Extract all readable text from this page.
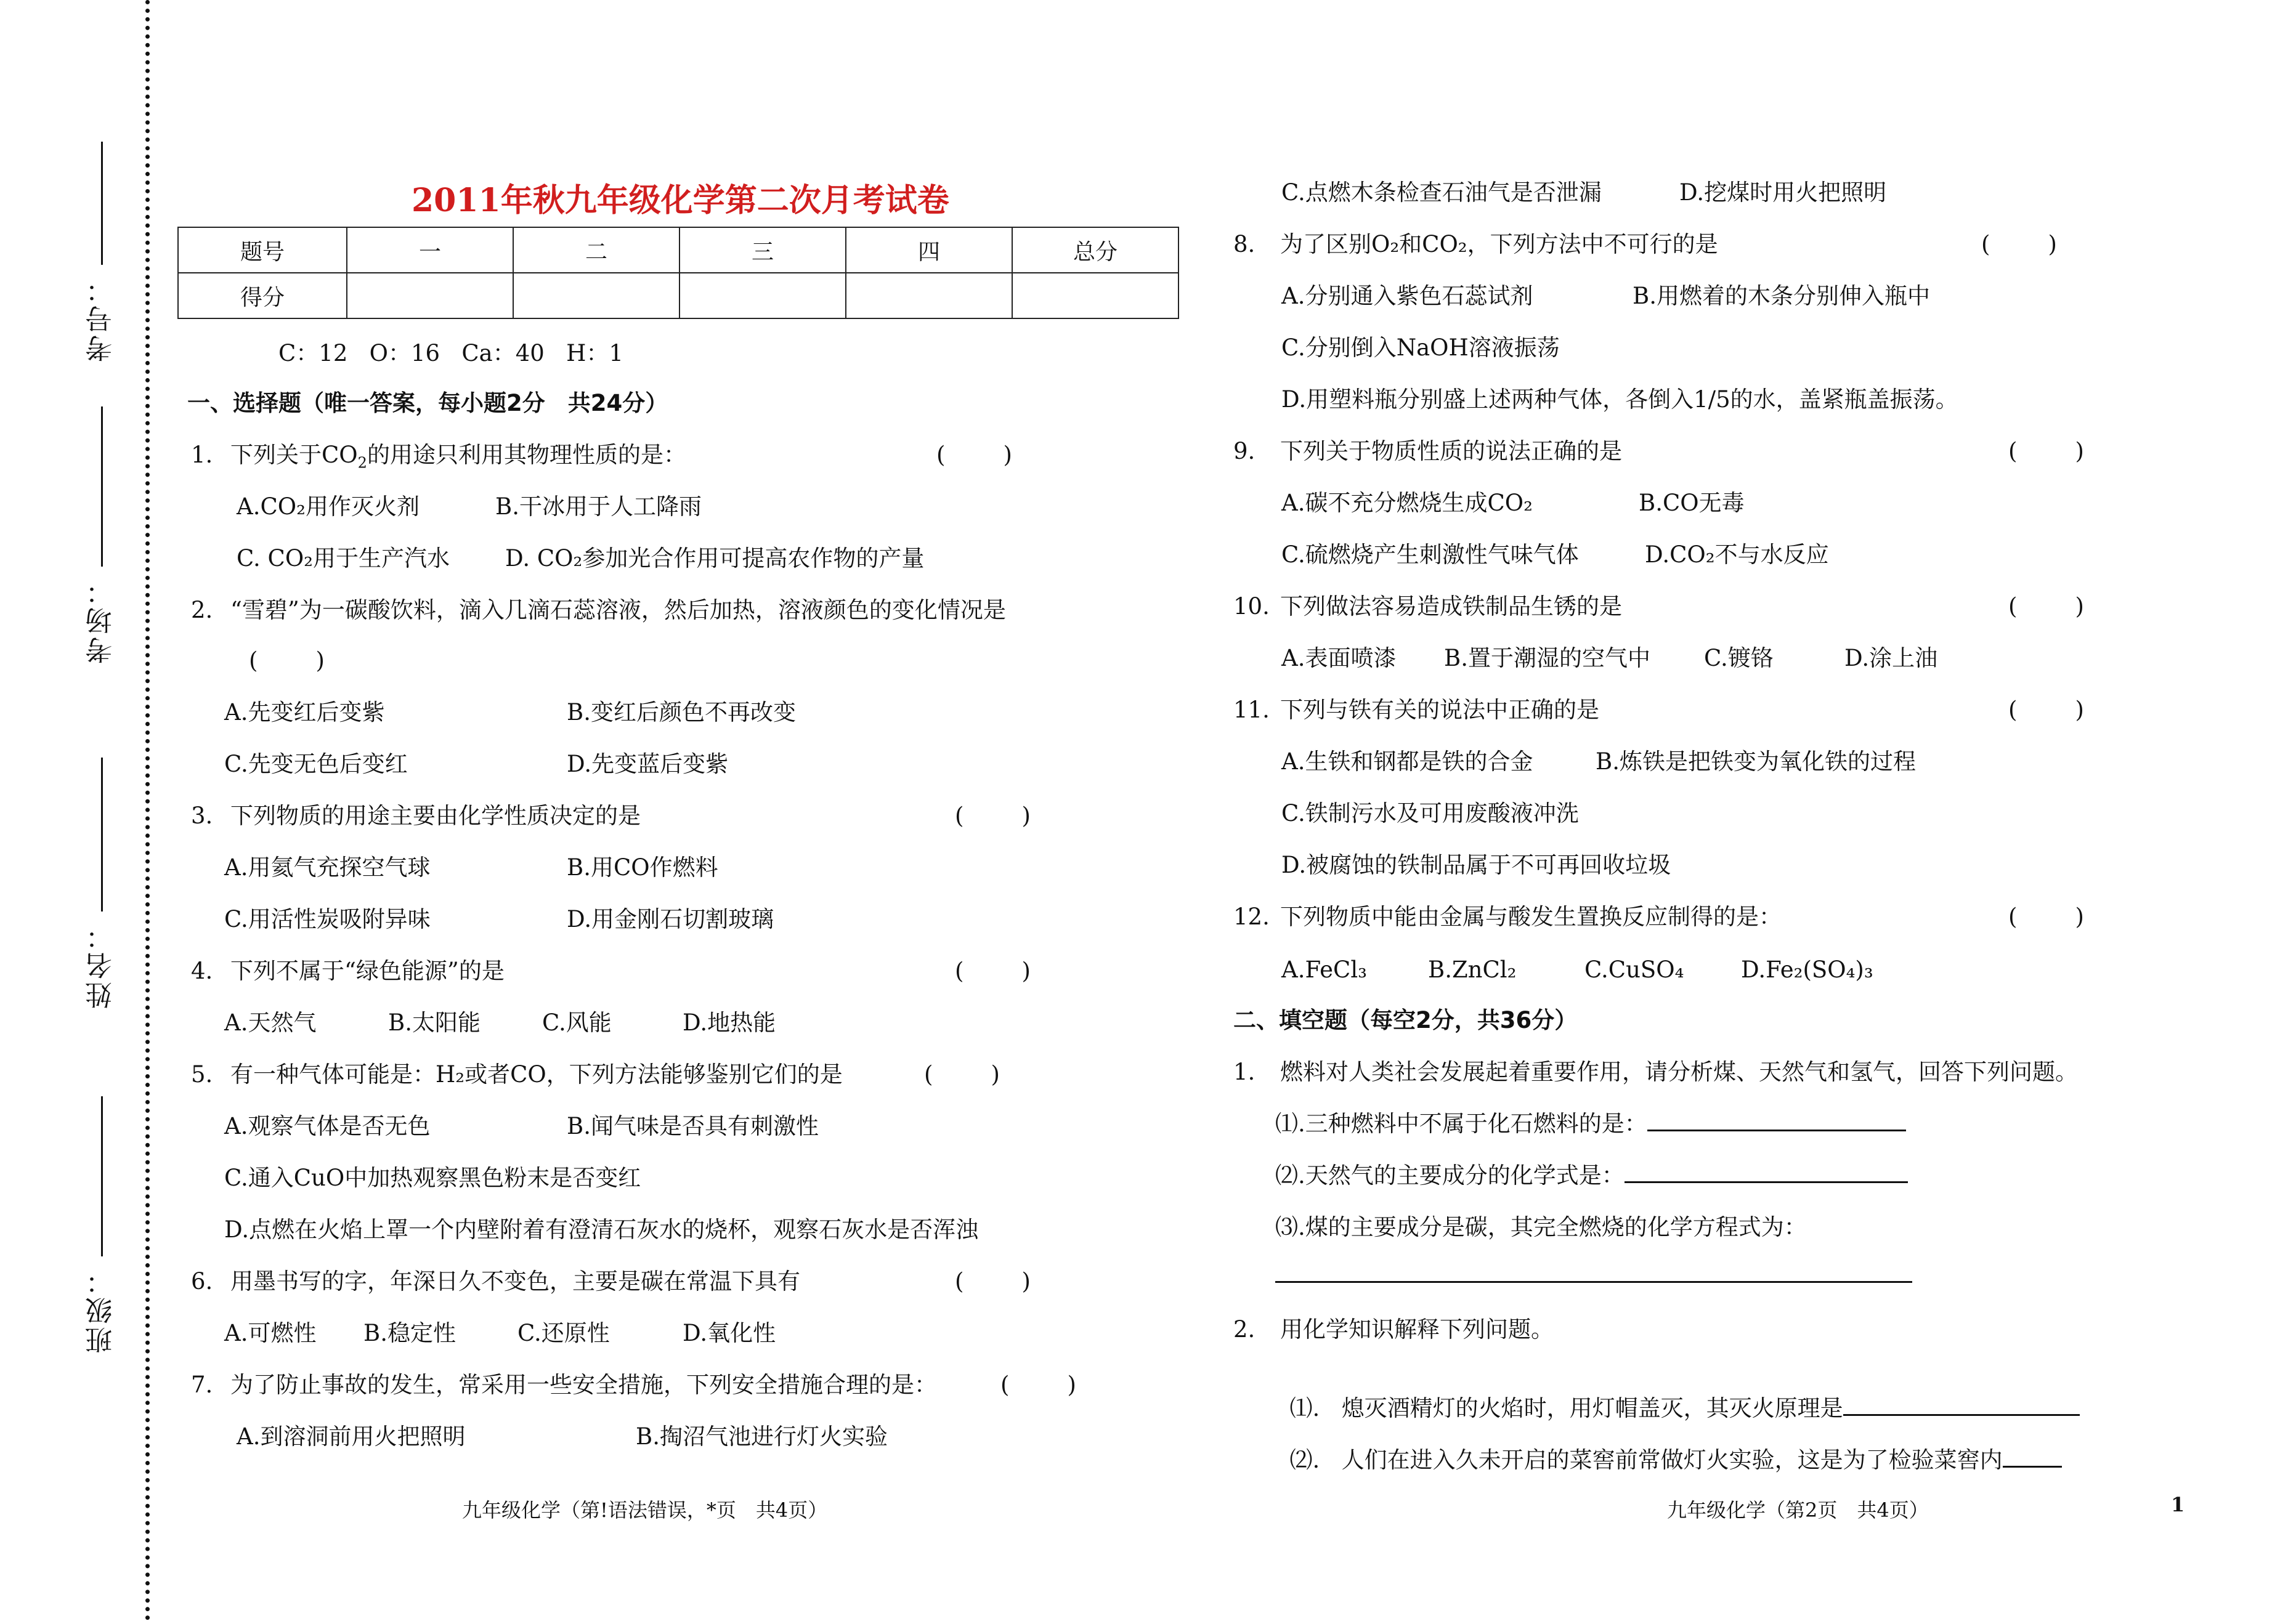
考号：
考场：
姓名：
班级：
2011年秋九年级化学第二次月考试卷
题号	一	二	三	四	总分
得分					
C：12   O：16   Ca：40   H：1
一、选择题（唯一答案，每小题2分　共24分）
1. 下列关于$CO_2$的用途只利用其物理性质的是：	(        )
A.CO₂用作灭火剂	B.干冰用于人工降雨
C. CO₂用于生产汽水 D. CO₂参加光合作用可提高农作物的产量
2. “雪碧”为一碳酸饮料，滴入几滴石蕊溶液，然后加热，溶液颜色的变化情况是
(        )
A.先变红后变紫	B.变红后颜色不再改变
C.先变无色后变红	D.先变蓝后变紫
3. 下列物质的用途主要由化学性质决定的是	(        )
A.用氦气充探空气球	B.用CO作燃料
C.用活性炭吸附异味	D.用金刚石切割玻璃
4. 下列不属于“绿色能源”的是	(        )
A.天然气	B.太阳能	C.风能	D.地热能
5. 有一种气体可能是：H₂或者CO，下列方法能够鉴别它们的是	(        )
A.观察气体是否无色	B.闻气味是否具有刺激性
C.通入CuO中加热观察黑色粉末是否变红
D.点燃在火焰上罩一个内壁附着有澄清石灰水的烧杯，观察石灰水是否浑浊
6. 用墨书写的字，年深日久不变色，主要是碳在常温下具有	(        )
A.可燃性 B.稳定性	C.还原性	D.氧化性
7. 为了防止事故的发生，常采用一些安全措施，下列安全措施合理的是：	(        )
A.到溶洞前用火把照明	B.掏沼气池进行灯火实验
九年级化学（第!语法错误，*页　共4页）
C.点燃木条检查石油气是否泄漏	D.挖煤时用火把照明
8. 为了区别O₂和CO₂，下列方法中不可行的是	(        )
A.分别通入紫色石蕊试剂	B.用燃着的木条分别伸入瓶中
C.分别倒入NaOH溶液振荡
D.用塑料瓶分别盛上述两种气体，各倒入1/5的水，盖紧瓶盖振荡。
9. 下列关于物质性质的说法正确的是	(        )
A.碳不充分燃烧生成CO₂	B.CO无毒
C.硫燃烧产生刺激性气味气体	D.CO₂不与水反应
10. 下列做法容易造成铁制品生锈的是	(        )
A.表面喷漆 B.置于潮湿的空气中 C.镀铬	D.涂上油
11. 下列与铁有关的说法中正确的是	(        )
A.生铁和钢都是铁的合金	B.炼铁是把铁变为氧化铁的过程
C.铁制污水及可用废酸液冲洗
D.被腐蚀的铁制品属于不可再回收垃圾
12. 下列物质中能由金属与酸发生置换反应制得的是：	(        )
A.FeCl₃	B.ZnCl₂	C.CuSO₄	D.Fe₂(SO₄)₃
二、填空题（每空2分，共36分）
1. 燃料对人类社会发展起着重要作用，请分析煤、天然气和氢气，回答下列问题。
⑴.三种燃料中不属于化石燃料的是：
⑵.天然气的主要成分的化学式是：
⑶.煤的主要成分是碳，其完全燃烧的化学方程式为：
2. 用化学知识解释下列问题。

⑴.   熄灭酒精灯的火焰时，用灯帽盖灭，其灭火原理是

⑵.   人们在进入久未开启的菜窖前常做灯火实验，这是为了检验菜窖内

九年级化学（第2页　共4页）	1
